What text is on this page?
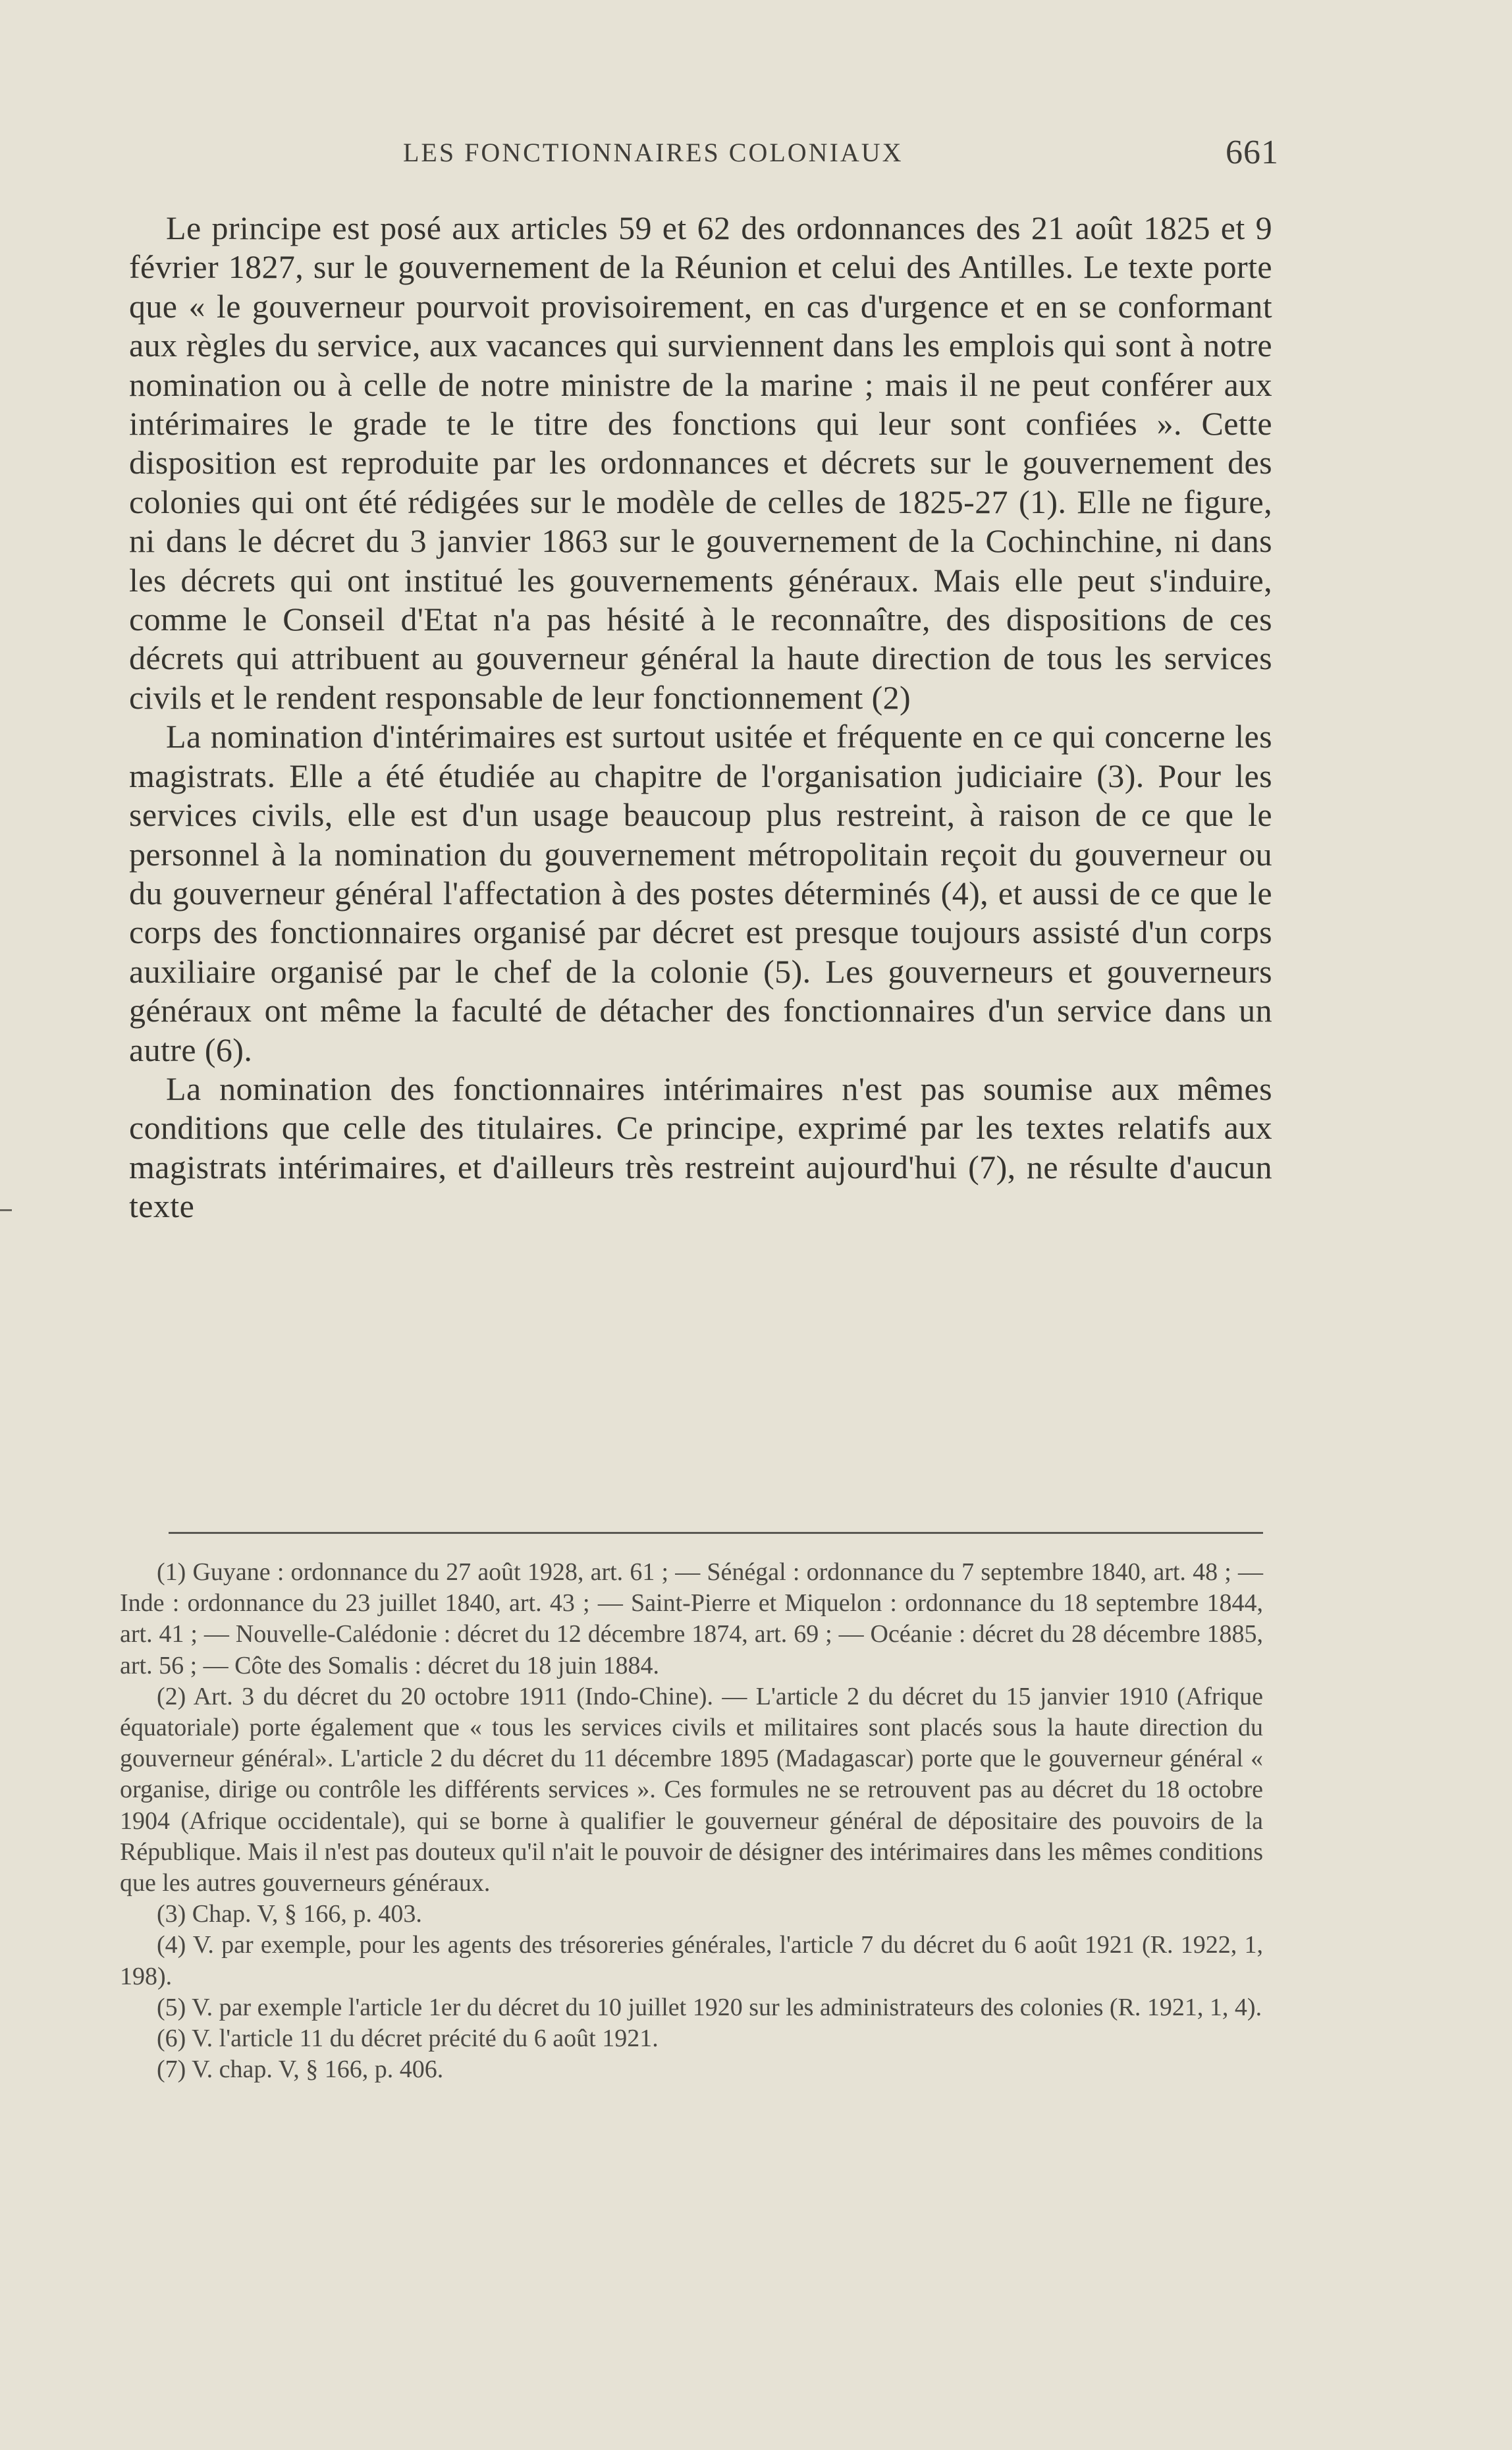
LES FONCTIONNAIRES COLONIAUX	661

Le principe est posé aux articles 59 et 62 des ordonnances des 21 août 1825 et 9 février 1827, sur le gouvernement de la Réunion et celui des Antilles. Le texte porte que « le gouverneur pourvoit provisoirement, en cas d'urgence et en se conformant aux règles du service, aux vacances qui surviennent dans les emplois qui sont à notre nomination ou à celle de notre ministre de la marine ; mais il ne peut conférer aux intérimaires le grade te le titre des fonctions qui leur sont confiées ». Cette disposition est reproduite par les ordonnances et décrets sur le gouvernement des colonies qui ont été rédigées sur le modèle de celles de 1825-27 (1). Elle ne figure, ni dans le décret du 3 janvier 1863 sur le gouvernement de la Cochinchine, ni dans les décrets qui ont institué les gouvernements généraux. Mais elle peut s'induire, comme le Conseil d'Etat n'a pas hésité à le reconnaître, des dispositions de ces décrets qui attribuent au gouverneur général la haute direction de tous les services civils et le rendent responsable de leur fonctionnement (2)

La nomination d'intérimaires est surtout usitée et fréquente en ce qui concerne les magistrats. Elle a été étudiée au chapitre de l'organisation judiciaire (3). Pour les services civils, elle est d'un usage beaucoup plus restreint, à raison de ce que le personnel à la nomination du gouvernement métropolitain reçoit du gouverneur ou du gouverneur général l'affectation à des postes déterminés (4), et aussi de ce que le corps des fonctionnaires organisé par décret est presque toujours assisté d'un corps auxiliaire organisé par le chef de la colonie (5). Les gouverneurs et gouverneurs généraux ont même la faculté de détacher des fonctionnaires d'un service dans un autre (6).

La nomination des fonctionnaires intérimaires n'est pas soumise aux mêmes conditions que celle des titulaires. Ce principe, exprimé par les textes relatifs aux magistrats intérimaires, et d'ailleurs très restreint aujourd'hui (7), ne résulte d'aucun texte

(1) Guyane : ordonnance du 27 août 1928, art. 61 ; — Sénégal : ordonnance du 7 septembre 1840, art. 48 ; — Inde : ordonnance du 23 juillet 1840, art. 43 ; — Saint-Pierre et Miquelon : ordonnance du 18 septembre 1844, art. 41 ; — Nouvelle-Calédonie : décret du 12 décembre 1874, art. 69 ; — Océanie : décret du 28 décembre 1885, art. 56 ; — Côte des Somalis : décret du 18 juin 1884.

(2) Art. 3 du décret du 20 octobre 1911 (Indo-Chine). — L'article 2 du décret du 15 janvier 1910 (Afrique équatoriale) porte également que « tous les services civils et militaires sont placés sous la haute direction du gouverneur général». L'article 2 du décret du 11 décembre 1895 (Madagascar) porte que le gouverneur général « organise, dirige ou contrôle les différents services ». Ces formules ne se retrouvent pas au décret du 18 octobre 1904 (Afrique occidentale), qui se borne à qualifier le gouverneur général de dépositaire des pouvoirs de la République. Mais il n'est pas douteux qu'il n'ait le pouvoir de désigner des intérimaires dans les mêmes conditions que les autres gouverneurs généraux.

(3) Chap. V, § 166, p. 403.

(4) V. par exemple, pour les agents des trésoreries générales, l'article 7 du décret du 6 août 1921 (R. 1922, 1, 198).

(5) V. par exemple l'article 1er du décret du 10 juillet 1920 sur les administrateurs des colonies (R. 1921, 1, 4).

(6) V. l'article 11 du décret précité du 6 août 1921.

(7) V. chap. V, § 166, p. 406.
